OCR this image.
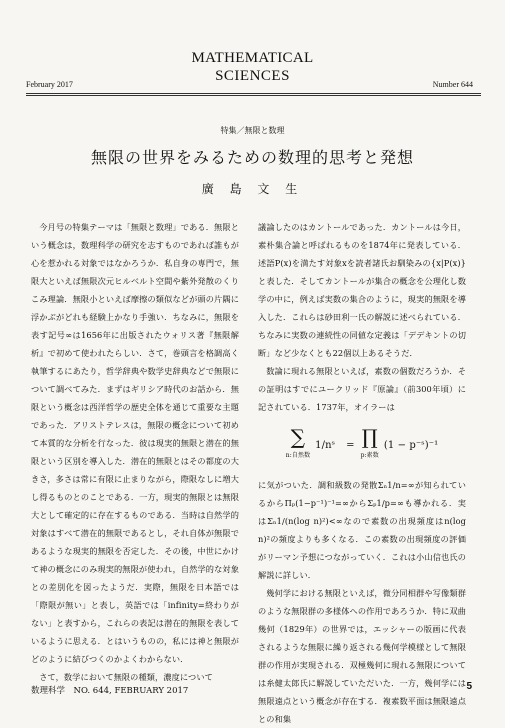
MATHEMATICAL
SCIENCES
February 2017	Number 644
特集／無限と数理
無限の世界をみるための数理的思考と発想
廣 島 文 生

今月号の特集テーマは「無限と数理」である．無限という概念は，数理科学の研究を志すものであれば誰もが心を惹かれる対象ではなかろうか．私自身の専門で，無限大といえば無限次元ヒルベルト空間や紫外発散のくりこみ理論．無限小といえば摩擦の類似などが頭の片隅に浮かぶがどれも経験上かなり手強い．ちなみに，無限を表す記号∞は1656年に出版されたウォリス著『無限解析』で初めて使われたらしい．さて，巻頭言を格調高く執筆するにあたり，哲学辞典や数学史辞典などで無限について調べてみた．まずはギリシア時代のお話から．無限という概念は西洋哲学の歴史全体を通じて重要な主題であった．アリストテレスは，無限の概念について初めて本質的な分析を行なった．彼は現実的無限と潜在的無限という区別を導入した．潜在的無限とはその都度の大きさ，多さは常に有限に止まりながら，際限なしに増大し得るものとのことである．一方，現実的無限とは無限大として確定的に存在するものである．当時は自然学的対象はすべて潜在的無限であるとし，それ自体が無限であるような現実的無限を否定した．その後，中世にかけて神の概念にのみ現実的無限が使われ，自然学的な対象との差別化を図ったようだ．実際，無限を日本語では「際限が無い」と表し，英語では「infinity=終わりがない」と表すから，これらの表記は潜在的無限を表しているように思える．とはいうものの，私には神と無限がどのように結びつくのかよくわからない．

さて，数学において無限の種類，濃度について

議論したのはカントールであった．カントールは今日，素朴集合論と呼ばれるものを1874年に発表している．述語P(x)を満たす対象xを読者諸氏お馴染みの{x|P(x)}と表した．そしてカントールが集合の概念を公理化し数学の中に，例えば実数の集合のように，現実的無限を導入した．これらは砂田利一氏の解説に述べられている．ちなみに実数の連続性の同値な定義は「デデキントの切断」など少なくとも22個以上あるそうだ．

数論に現れる無限といえば，素数の個数だろうか．その証明はすでにユークリッド『原論』（前300年頃）に記されている．1737年，オイラーは

∑
n:自然数
1/nˢ = ∏
p:素数
(1 − p⁻ˢ)⁻¹

に気がついた．調和級数の発散Σₙ1/n=∞が知られているからΠₚ(1−p⁻¹)⁻¹=∞からΣₚ1/p=∞も導かれる．実はΣₙ1/(n(log n)²)<∞なので素数の出現頻度はn(log n)²の頻度よりも多くなる．この素数の出現頻度の評価がリーマン予想につながっていく．これは小山信也氏の解説に詳しい．

幾何学における無限といえば，微分同相群や写像類群のような無限群の多様体への作用であろうか．特に双曲幾何（1829年）の世界では，エッシャーの版画に代表されるような無限に繰り返される幾何学模様として無限群の作用が実現される．双極幾何に現れる無限については糸健太郎氏に解説していただいた．一方，幾何学には無限遠点という概念が存在する．複素数平面は無限遠点との和集

数理科学　NO. 644, FEBRUARY 2017	5
